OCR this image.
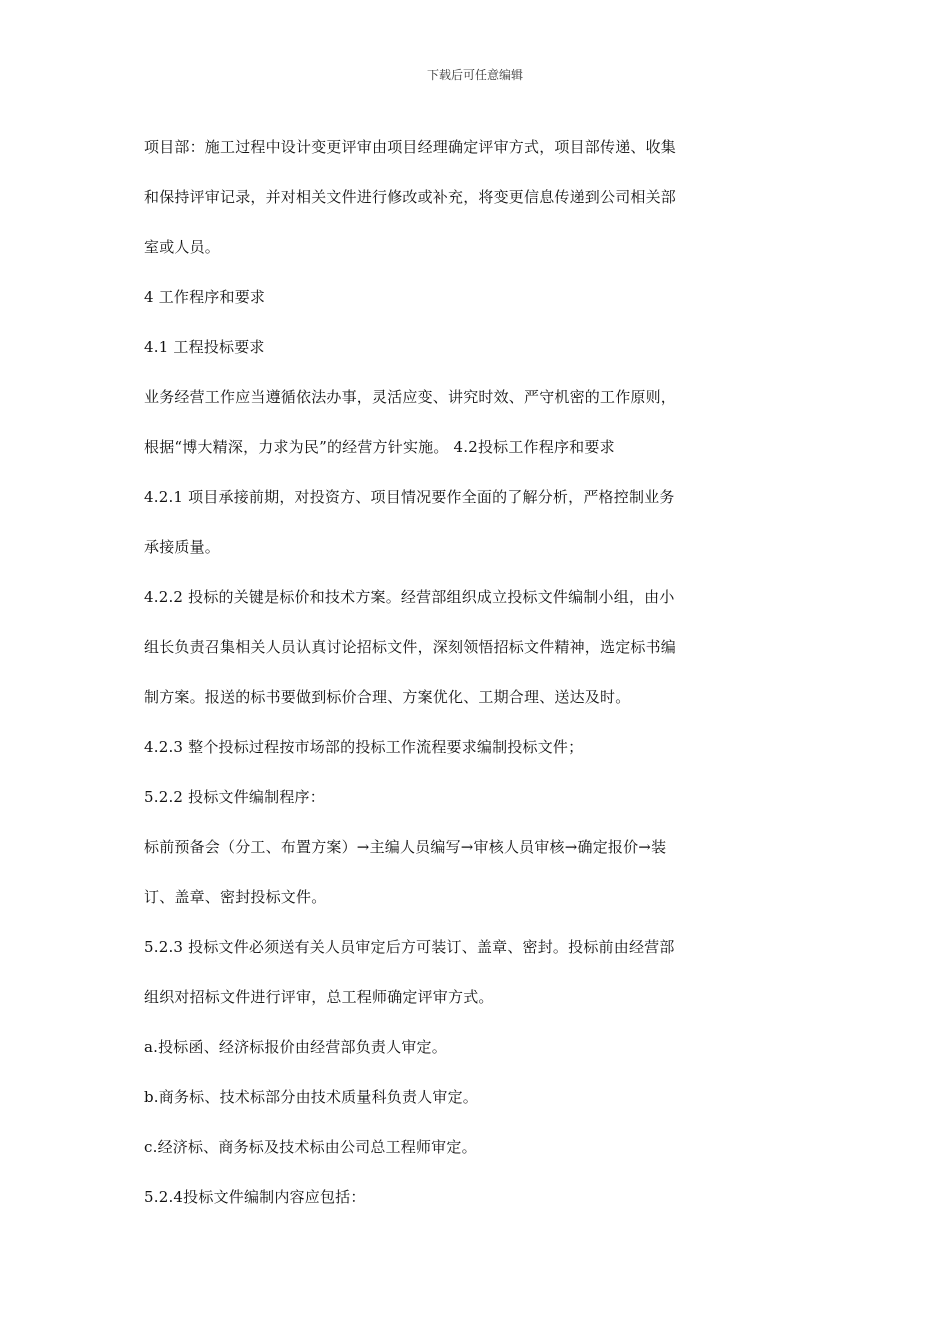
下载后可任意编辑
项目部：施工过程中设计变更评审由项目经理确定评审方式，项目部传递、收集
和保持评审记录，并对相关文件进行修改或补充，将变更信息传递到公司相关部
室或人员。
4 工作程序和要求
4.1 工程投标要求
业务经营工作应当遵循依法办事，灵活应变、讲究时效、严守机密的工作原则，
根据“博大精深，力求为民”的经营方针实施。 4.2投标工作程序和要求
4.2.1 项目承接前期，对投资方、项目情况要作全面的了解分析，严格控制业务
承接质量。
4.2.2 投标的关键是标价和技术方案。经营部组织成立投标文件编制小组，由小
组长负责召集相关人员认真讨论招标文件，深刻领悟招标文件精神，选定标书编
制方案。报送的标书要做到标价合理、方案优化、工期合理、送达及时。
4.2.3 整个投标过程按市场部的投标工作流程要求编制投标文件；
5.2.2 投标文件编制程序：
标前预备会（分工、布置方案）→主编人员编写→审核人员审核→确定报价→装
订、盖章、密封投标文件。
5.2.3 投标文件必须送有关人员审定后方可装订、盖章、密封。投标前由经营部
组织对招标文件进行评审，总工程师确定评审方式。
a.投标函、经济标报价由经营部负责人审定。
b.商务标、技术标部分由技术质量科负责人审定。
c.经济标、商务标及技术标由公司总工程师审定。
5.2.4投标文件编制内容应包括：
